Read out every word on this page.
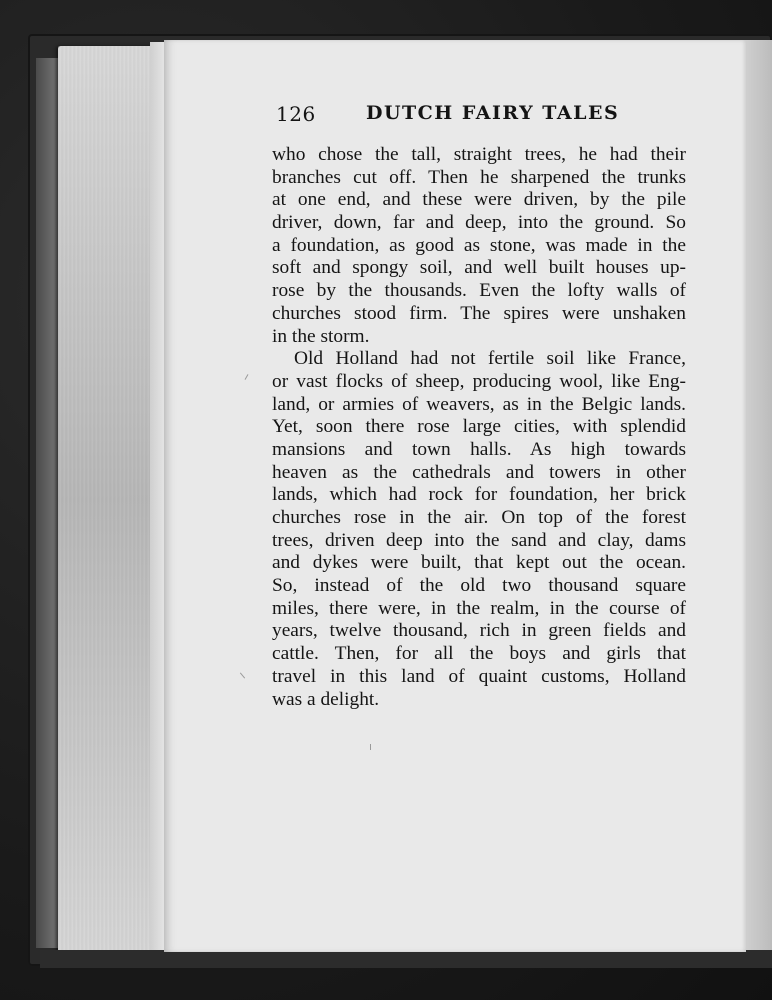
126	DUTCH FAIRY TALES
who chose the tall, straight trees, he had their
branches cut off. Then he sharpened the trunks
at one end, and these were driven, by the pile
driver, down, far and deep, into the ground. So
a foundation, as good as stone, was made in the
soft and spongy soil, and well built houses up-
rose by the thousands. Even the lofty walls of
churches stood firm. The spires were unshaken
in the storm.
Old Holland had not fertile soil like France,
or vast flocks of sheep, producing wool, like Eng-
land, or armies of weavers, as in the Belgic lands.
Yet, soon there rose large cities, with splendid
mansions and town halls. As high towards
heaven as the cathedrals and towers in other
lands, which had rock for foundation, her brick
churches rose in the air. On top of the forest
trees, driven deep into the sand and clay, dams
and dykes were built, that kept out the ocean.
So, instead of the old two thousand square
miles, there were, in the realm, in the course of
years, twelve thousand, rich in green fields and
cattle. Then, for all the boys and girls that
travel in this land of quaint customs, Holland
was a delight.
